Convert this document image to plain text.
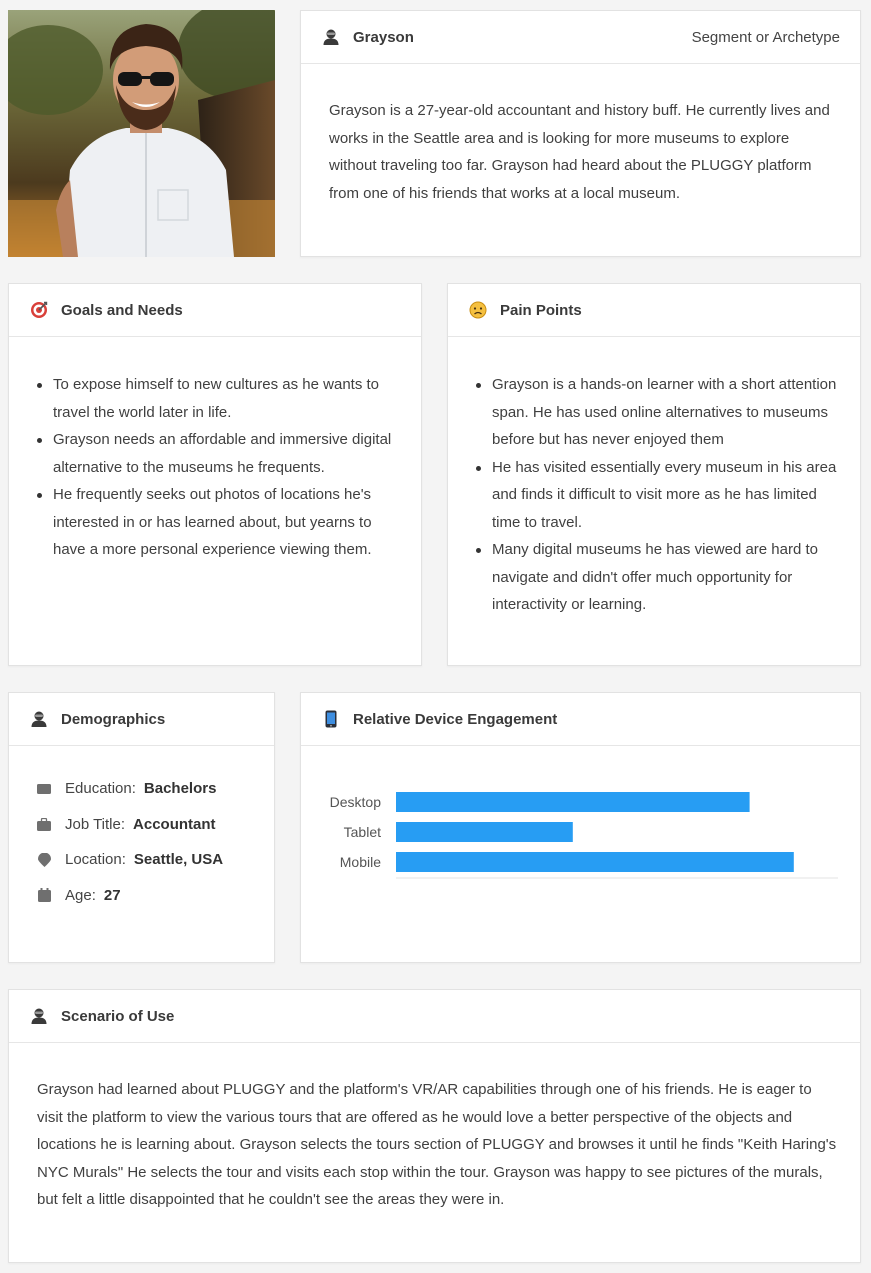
Grayson	Segment or Archetype
Grayson is a 27-year-old accountant and history buff. He currently lives and works in the Seattle area and is looking for more museums to explore without traveling too far. Grayson had heard about the PLUGGY platform from one of his friends that works at a local museum.
Goals and Needs
To expose himself to new cultures as he wants to travel the world later in life.
Grayson needs an affordable and immersive digital alternative to the museums he frequents.
He frequently seeks out photos of locations he's interested in or has learned about, but yearns to have a more personal experience viewing them.
Pain Points
Grayson is a hands-on learner with a short attention span. He has used online alternatives to museums before but has never enjoyed them
He has visited essentially every museum in his area and finds it difficult to visit more as he has limited time to travel.
Many digital museums he has viewed are hard to navigate and didn't offer much opportunity for interactivity or learning.
Demographics
Education: Bachelors
Job Title: Accountant
Location: Seattle, USA
Age: 27
Relative Device Engagement
Desktop
Tablet
Mobile
Scenario of Use
Grayson had learned about PLUGGY and the platform's VR/AR capabilities through one of his friends. He is eager to visit the platform to view the various tours that are offered as he would love a better perspective of the objects and locations he is learning about. Grayson selects the tours section of PLUGGY and browses it until he finds "Keith Haring's NYC Murals" He selects the tour and visits each stop within the tour. Grayson was happy to see pictures of the murals, but felt a little disappointed that he couldn't see the areas they were in.
